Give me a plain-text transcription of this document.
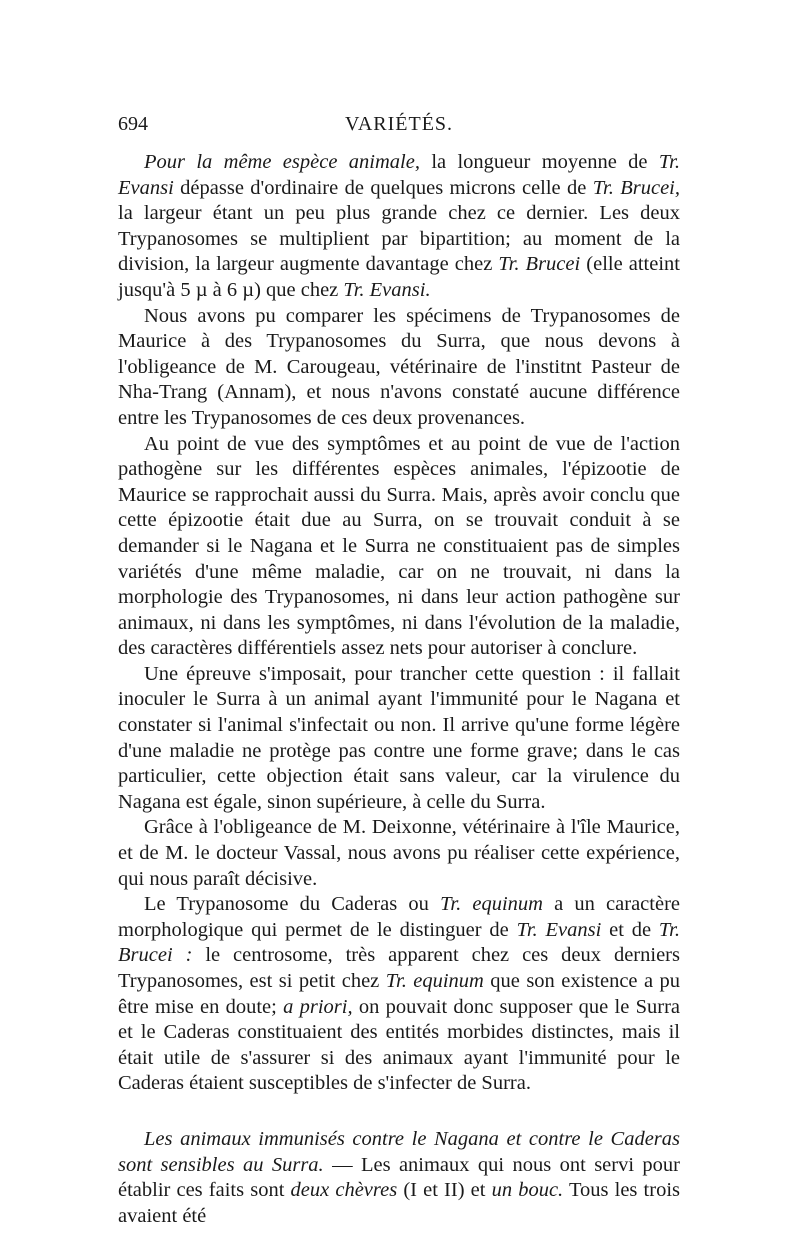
694	VARIÉTÉS.

Pour la même espèce animale, la longueur moyenne de Tr. Evansi dépasse d'ordinaire de quelques microns celle de Tr. Brucei, la largeur étant un peu plus grande chez ce dernier. Les deux Trypanosomes se multiplient par bipartition; au moment de la division, la largeur augmente davantage chez Tr. Brucei (elle atteint jusqu'à 5 µ à 6 µ) que chez Tr. Evansi.

Nous avons pu comparer les spécimens de Trypanosomes de Maurice à des Trypanosomes du Surra, que nous devons à l'obligeance de M. Carougeau, vétérinaire de l'institnt Pasteur de Nha-Trang (Annam), et nous n'avons constaté aucune différence entre les Trypanosomes de ces deux provenances.

Au point de vue des symptômes et au point de vue de l'action pathogène sur les différentes espèces animales, l'épizootie de Maurice se rapprochait aussi du Surra. Mais, après avoir conclu que cette épizootie était due au Surra, on se trouvait conduit à se demander si le Nagana et le Surra ne constituaient pas de simples variétés d'une même maladie, car on ne trouvait, ni dans la morphologie des Trypanosomes, ni dans leur action pathogène sur animaux, ni dans les symptômes, ni dans l'évolution de la maladie, des caractères différentiels assez nets pour autoriser à conclure.

Une épreuve s'imposait, pour trancher cette question : il fallait inoculer le Surra à un animal ayant l'immunité pour le Nagana et constater si l'animal s'infectait ou non. Il arrive qu'une forme légère d'une maladie ne protège pas contre une forme grave; dans le cas particulier, cette objection était sans valeur, car la virulence du Nagana est égale, sinon supérieure, à celle du Surra.

Grâce à l'obligeance de M. Deixonne, vétérinaire à l'île Maurice, et de M. le docteur Vassal, nous avons pu réaliser cette expérience, qui nous paraît décisive.

Le Trypanosome du Caderas ou Tr. equinum a un caractère morphologique qui permet de le distinguer de Tr. Evansi et de Tr. Brucei : le centrosome, très apparent chez ces deux derniers Trypanosomes, est si petit chez Tr. equinum que son existence a pu être mise en doute; a priori, on pouvait donc supposer que le Surra et le Caderas constituaient des entités morbides distinctes, mais il était utile de s'assurer si des animaux ayant l'immunité pour le Caderas étaient susceptibles de s'infecter de Surra.

Les animaux immunisés contre le Nagana et contre le Caderas sont sensibles au Surra. — Les animaux qui nous ont servi pour établir ces faits sont deux chèvres (I et II) et un bouc. Tous les trois avaient été
